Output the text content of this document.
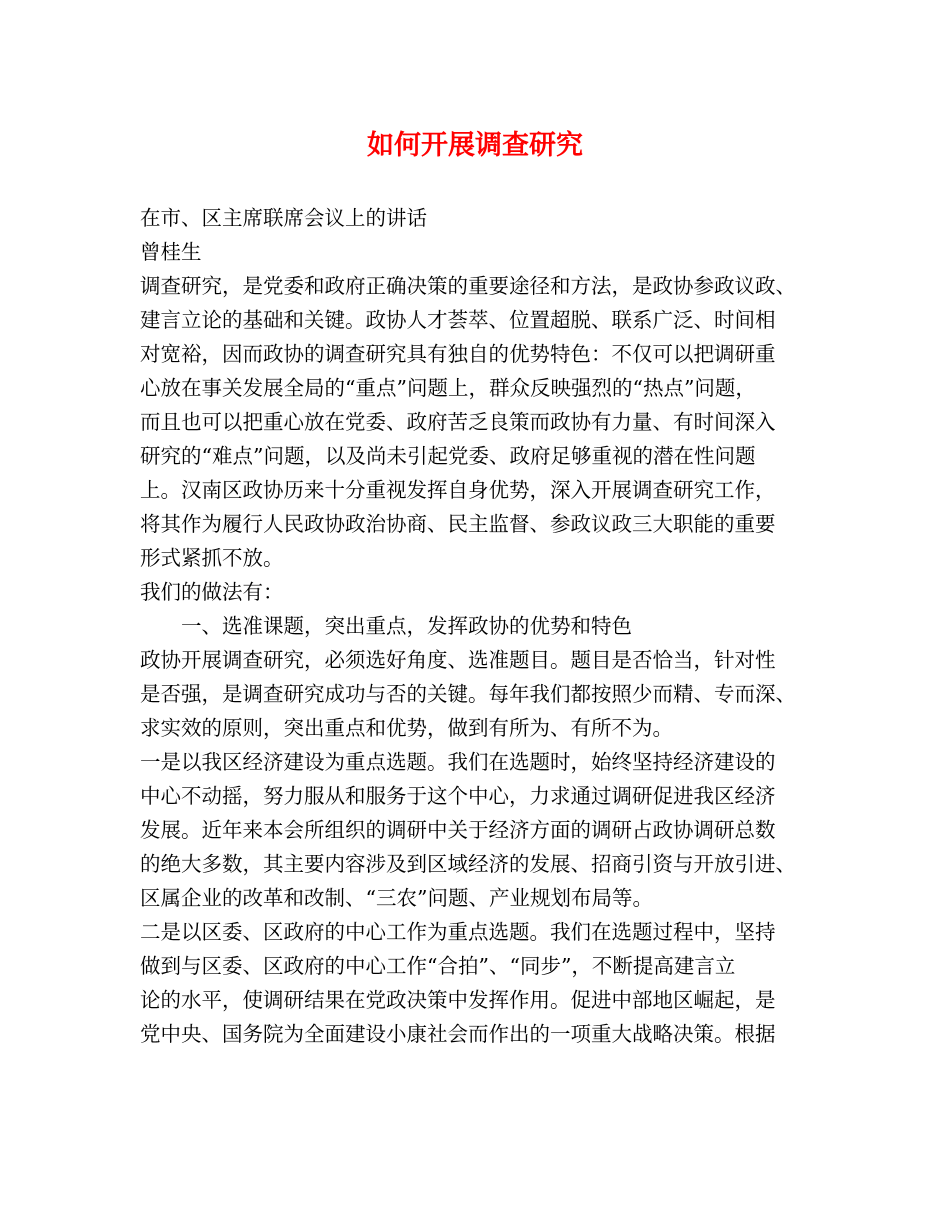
如何开展调查研究
在市、区主席联席会议上的讲话
曾桂生
调查研究，是党委和政府正确决策的重要途径和方法，是政协参政议政、
建言立论的基础和关键。政协人才荟萃、位置超脱、联系广泛、时间相
对宽裕，因而政协的调查研究具有独自的优势特色：不仅可以把调研重
心放在事关发展全局的“重点”问题上，群众反映强烈的“热点”问题，
而且也可以把重心放在党委、政府苦乏良策而政协有力量、有时间深入
研究的“难点”问题，以及尚未引起党委、政府足够重视的潜在性问题
上。汉南区政协历来十分重视发挥自身优势，深入开展调查研究工作，
将其作为履行人民政协政治协商、民主监督、参政议政三大职能的重要
形式紧抓不放。
我们的做法有：
一、选准课题，突出重点，发挥政协的优势和特色
政协开展调查研究，必须选好角度、选准题目。题目是否恰当，针对性
是否强，是调查研究成功与否的关键。每年我们都按照少而精、专而深、
求实效的原则，突出重点和优势，做到有所为、有所不为。
一是以我区经济建设为重点选题。我们在选题时，始终坚持经济建设的
中心不动摇，努力服从和服务于这个中心，力求通过调研促进我区经济
发展。近年来本会所组织的调研中关于经济方面的调研占政协调研总数
的绝大多数，其主要内容涉及到区域经济的发展、招商引资与开放引进、
区属企业的改革和改制、“三农”问题、产业规划布局等。
二是以区委、区政府的中心工作为重点选题。我们在选题过程中，坚持
做到与区委、区政府的中心工作“合拍”、“同步”，不断提高建言立
论的水平，使调研结果在党政决策中发挥作用。促进中部地区崛起，是
党中央、国务院为全面建设小康社会而作出的一项重大战略决策。根据
